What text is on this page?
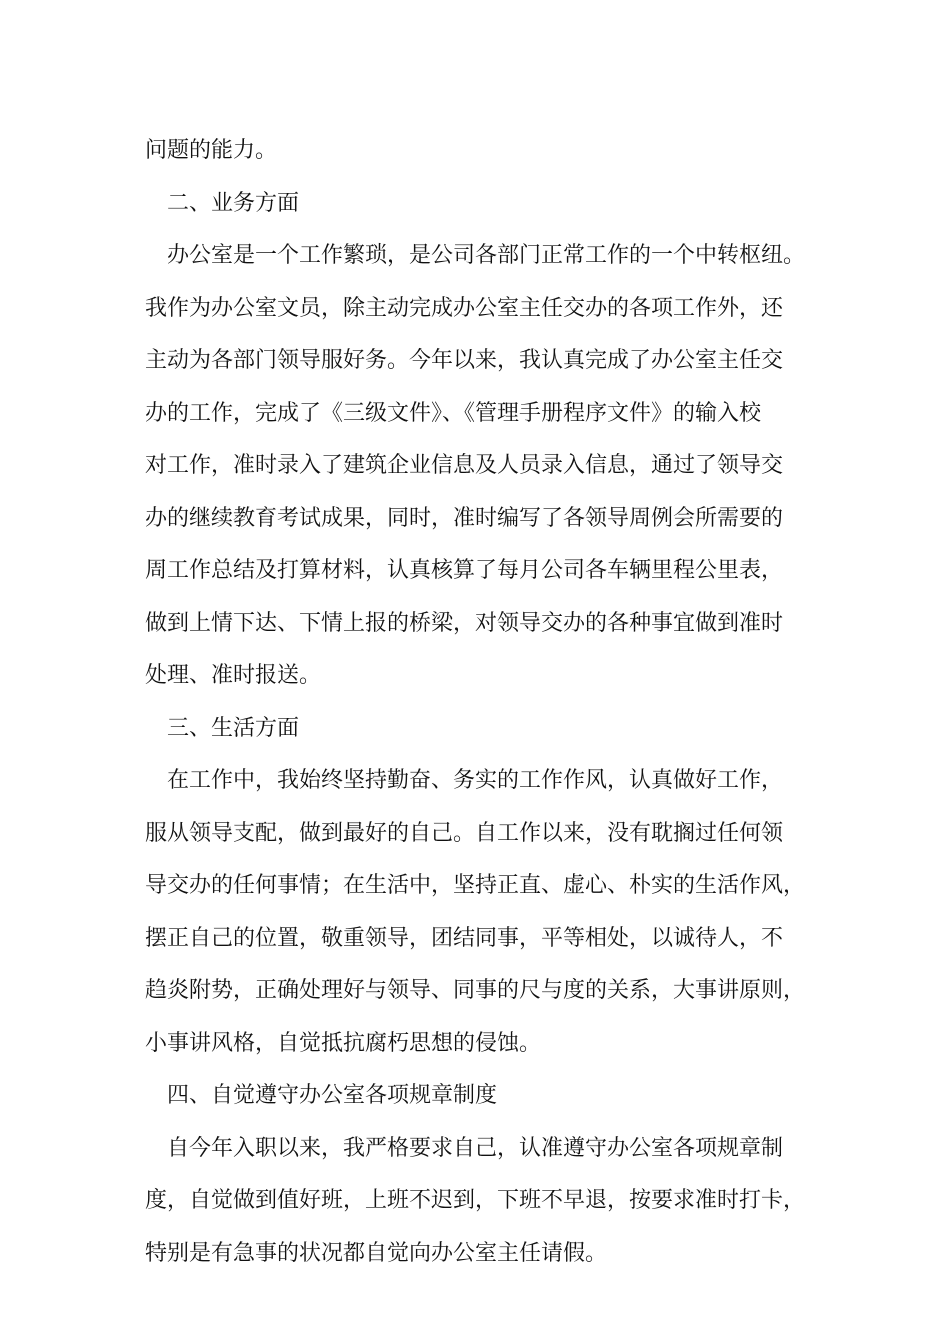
问题的能力。

二、业务方面

办公室是一个工作繁琐，是公司各部门正常工作的一个中转枢纽。
我作为办公室文员，除主动完成办公室主任交办的各项工作外，还
主动为各部门领导服好务。今年以来，我认真完成了办公室主任交
办的工作，完成了《三级文件》、《管理手册程序文件》的输入校
对工作，准时录入了建筑企业信息及人员录入信息，通过了领导交
办的继续教育考试成果，同时，准时编写了各领导周例会所需要的
周工作总结及打算材料，认真核算了每月公司各车辆里程公里表，
做到上情下达、下情上报的桥梁，对领导交办的各种事宜做到准时
处理、准时报送。

三、生活方面

在工作中，我始终坚持勤奋、务实的工作作风，认真做好工作，
服从领导支配，做到最好的自己。自工作以来，没有耽搁过任何领
导交办的任何事情；在生活中，坚持正直、虚心、朴实的生活作风，
摆正自己的位置，敬重领导，团结同事，平等相处，以诚待人，不
趋炎附势，正确处理好与领导、同事的尺与度的关系，大事讲原则，
小事讲风格，自觉抵抗腐朽思想的侵蚀。

四、自觉遵守办公室各项规章制度

自今年入职以来，我严格要求自己，认准遵守办公室各项规章制
度，自觉做到值好班，上班不迟到，下班不早退，按要求准时打卡，
特别是有急事的状况都自觉向办公室主任请假。
